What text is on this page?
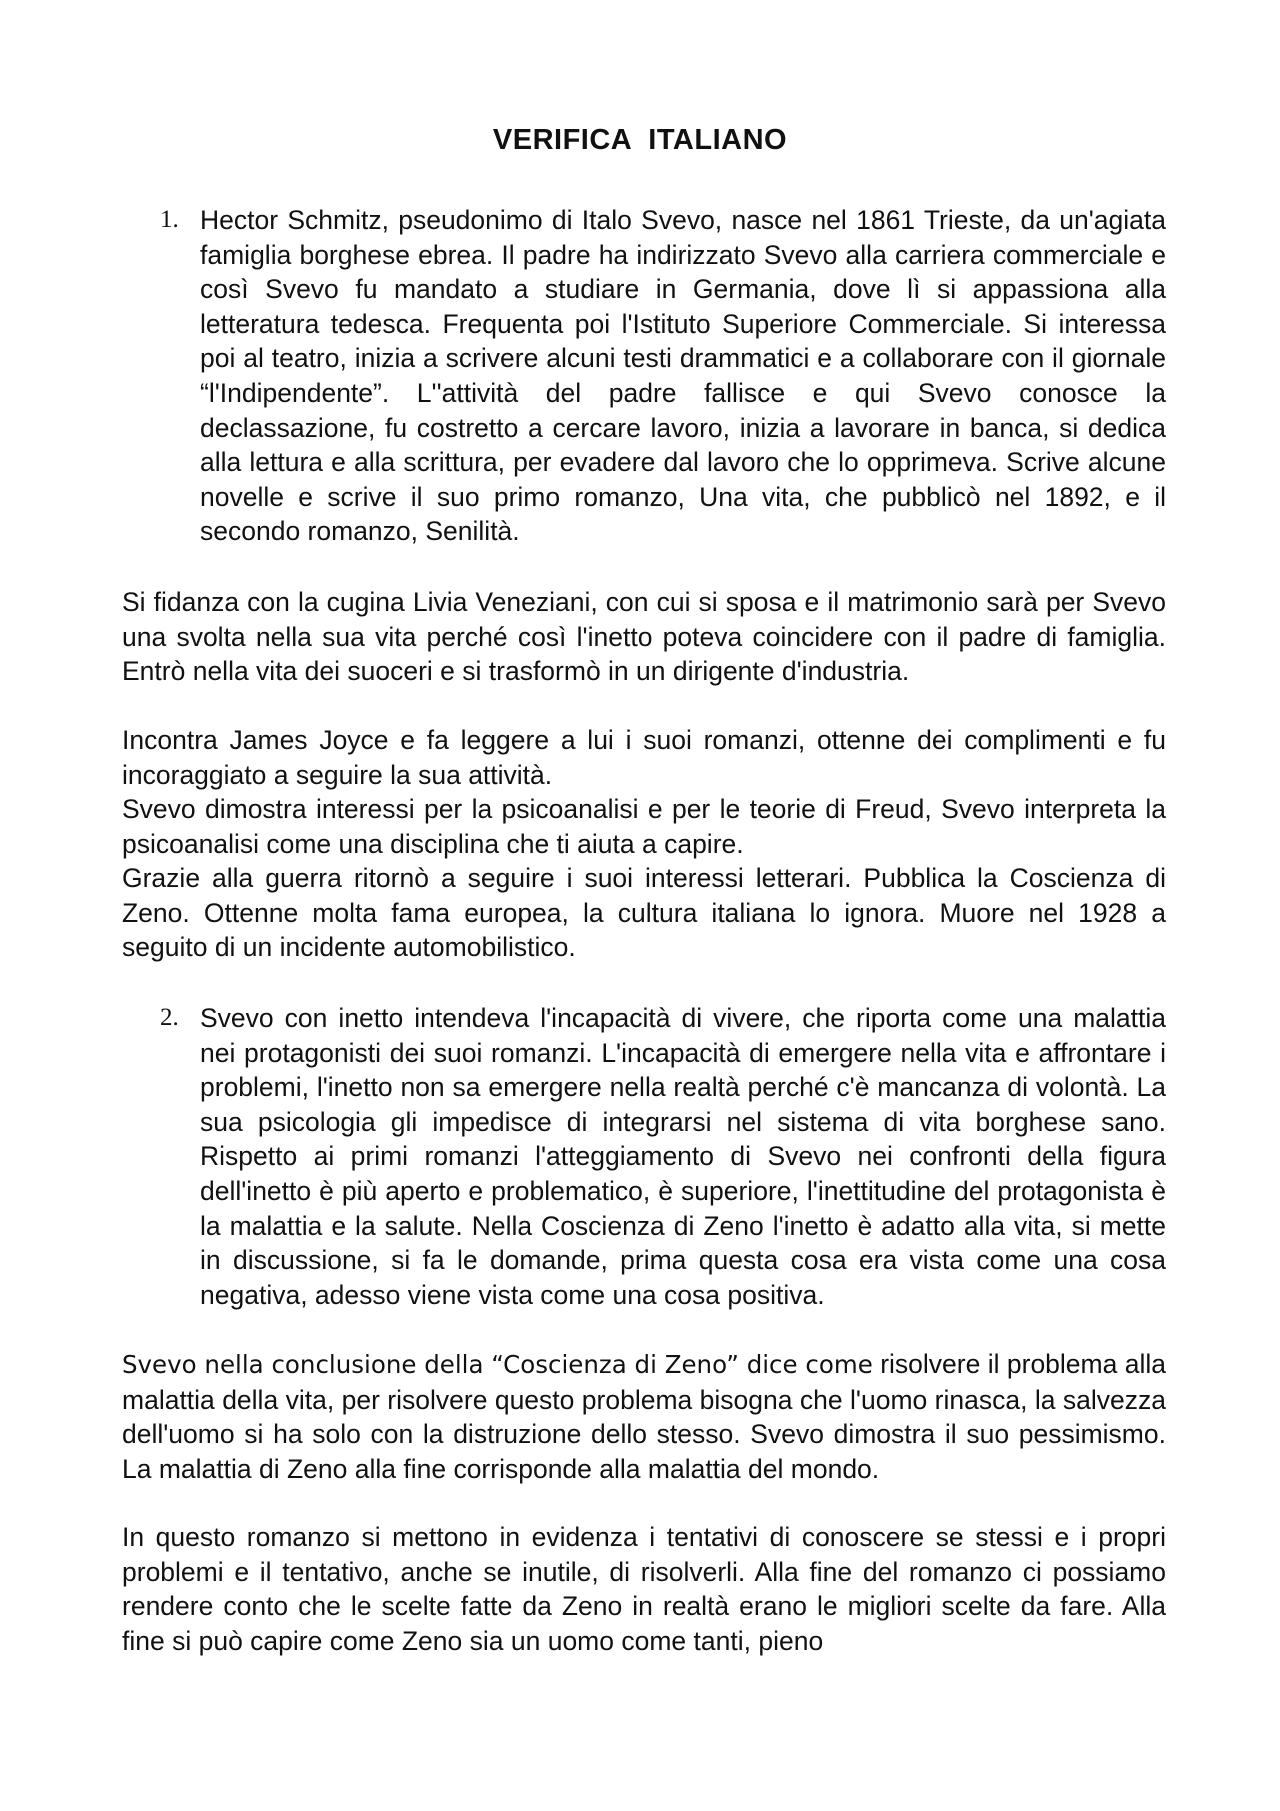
VERIFICA  ITALIANO
1. Hector Schmitz, pseudonimo di Italo Svevo, nasce nel 1861 Trieste, da un'agiata famiglia borghese ebrea. Il padre ha indirizzato Svevo alla carriera commerciale e così Svevo fu mandato a studiare in Germania, dove lì si appassiona alla letteratura tedesca. Frequenta poi l'Istituto Superiore Commerciale. Si interessa poi al teatro, inizia a scrivere alcuni testi drammatici e a collaborare con il giornale “l'Indipendente”. L''attività del padre fallisce e qui Svevo conosce la declassazione, fu costretto a cercare lavoro, inizia a lavorare in banca, si dedica alla lettura e alla scrittura, per evadere dal lavoro che lo opprimeva. Scrive alcune novelle e scrive il suo primo romanzo, Una vita, che pubblicò nel 1892, e il secondo romanzo, Senilità.

Si fidanza con la cugina Livia Veneziani, con cui si sposa e il matrimonio sarà per Svevo una svolta nella sua vita perché così l'inetto poteva coincidere con il padre di famiglia. Entrò nella vita dei suoceri e si trasformò in un dirigente d'industria.

Incontra James Joyce e fa leggere a lui i suoi romanzi, ottenne dei complimenti e fu incoraggiato a seguire la sua attività.

Svevo dimostra interessi per la psicoanalisi e per le teorie di Freud, Svevo interpreta la psicoanalisi come una disciplina che ti aiuta a capire.

Grazie alla guerra ritornò a seguire i suoi interessi letterari. Pubblica la Coscienza di Zeno. Ottenne molta fama europea, la cultura italiana lo ignora. Muore nel 1928 a seguito di un incidente automobilistico.

2. Svevo con inetto intendeva l'incapacità di vivere, che riporta come una malattia nei protagonisti dei suoi romanzi. L'incapacità di emergere nella vita e affrontare i problemi, l'inetto non sa emergere nella realtà perché c'è mancanza di volontà. La sua psicologia gli impedisce di integrarsi nel sistema di vita borghese sano. Rispetto ai primi romanzi l'atteggiamento di Svevo nei confronti della figura dell'inetto è più aperto e problematico, è superiore, l'inettitudine del protagonista è la malattia e la salute. Nella Coscienza di Zeno l'inetto è adatto alla vita, si mette in discussione, si fa le domande, prima questa cosa era vista come una cosa negativa, adesso viene vista come una cosa positiva.

Svevo nella conclusione della “Coscienza di Zeno” dice come risolvere il problema alla malattia della vita, per risolvere questo problema bisogna che l'uomo rinasca, la salvezza dell'uomo si ha solo con la distruzione dello stesso. Svevo dimostra il suo pessimismo. La malattia di Zeno alla fine corrisponde alla malattia del mondo.

In questo romanzo si mettono in evidenza i tentativi di conoscere se stessi e i propri problemi e il tentativo, anche se inutile, di risolverli. Alla fine del romanzo ci possiamo rendere conto che le scelte fatte da Zeno in realtà erano le migliori scelte da fare. Alla fine si può capire come Zeno sia un uomo come tanti, pieno
